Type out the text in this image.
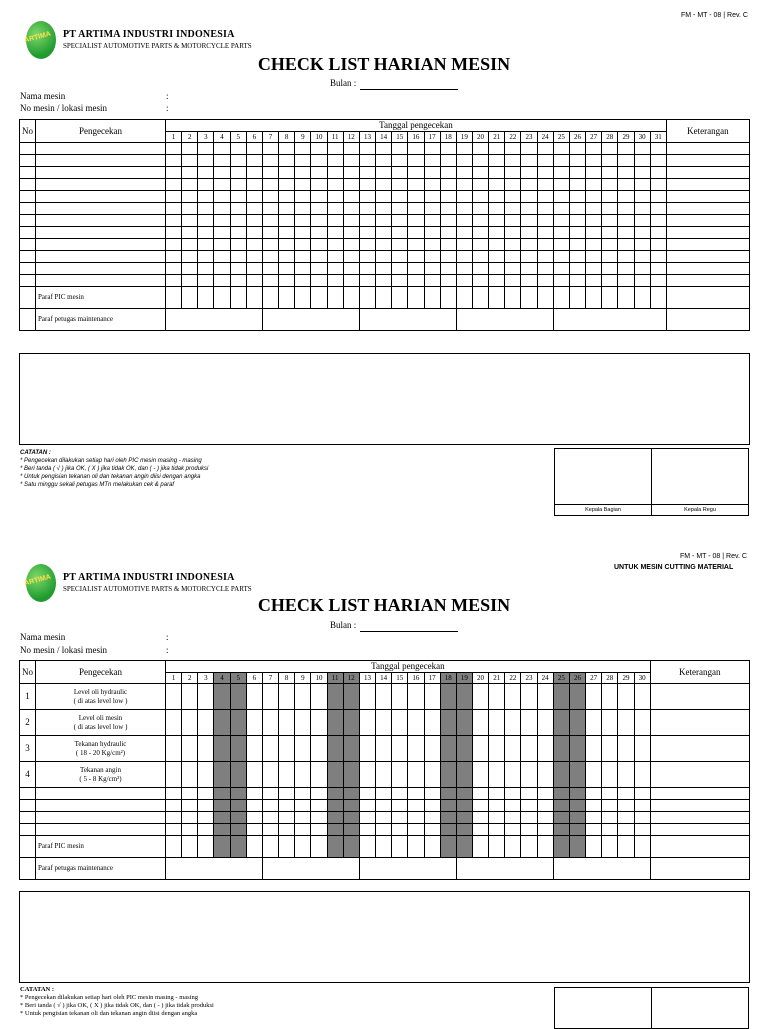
FM - MT - 08 | Rev. C
ARTIMA PT ARTIMA INDUSTRI INDONESIA
SPECIALIST AUTOMOTIVE PARTS & MOTORCYCLE PARTS
CHECK LIST HARIAN MESIN
Bulan :
Nama mesin	:
No mesin / lokasi mesin	:
No	Pengecekan	Tanggal pengecekan																															Keterangan
		1	2	3	4	5	6	7	8	9	10	11	12	13	14	15	16	17	18	19	20	21	22	23	24	25	26	27	28	29	30	31	

	Paraf PIC mesin																																
	Paraf petugas maintenance																																
CATATAN :
* Pengecekan dilakukan setiap hari oleh PIC mesin masing - masing
* Beri tanda ( √ ) jika OK, ( X ) jika tidak OK, dan ( - ) jika tidak produksi
* Untuk pengisian tekanan oli dan tekanan angin diisi dengan angka
* Satu minggu sekali petugas MTn melakukan cek & paraf

Kepala Bagian	Kepala Regu
FM - MT - 08 | Rev. C
UNTUK MESIN CUTTING MATERIAL
ARTIMA PT ARTIMA INDUSTRI INDONESIA
SPECIALIST AUTOMOTIVE PARTS & MOTORCYCLE PARTS
CHECK LIST HARIAN MESIN
Bulan :
Nama mesin	:
No mesin / lokasi mesin	:
No	Pengecekan	Tanggal pengecekan																														Keterangan
		1	2	3	4	5	6	7	8	9	10	11	12	13	14	15	16	17	18	19	20	21	22	23	24	25	26	27	28	29	30	
1	Level oli hydraulic
( di atas level low )																															

2	Level oli mesin
( di atas level low )																															

3	Tekanan hydraulic
( 18 - 20 Kg/cm²)																															

4	Tekanan angin
( 5 - 8 Kg/cm²)																															

	Paraf PIC mesin																															
	Paraf petugas maintenance																															
CATATAN :
* Pengecekan dilakukan setiap hari oleh PIC mesin masing - masing
* Beri tanda ( √ ) jika OK, ( X ) jika tidak OK, dan ( - ) jika tidak produksi
* Untuk pengisian tekanan oli dan tekanan angin diisi dengan angka
